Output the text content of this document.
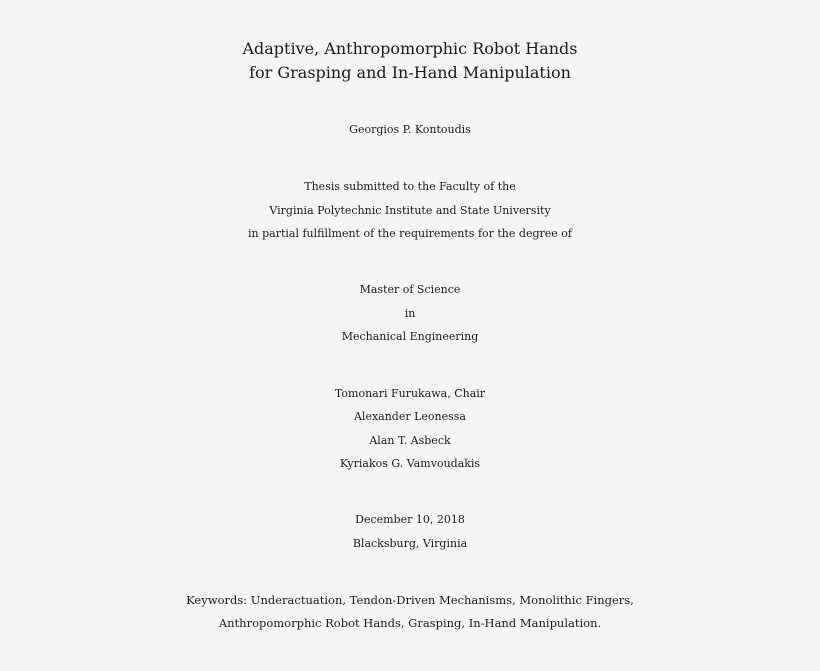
Adaptive, Anthropomorphic Robot Hands
for Grasping and In-Hand Manipulation
Georgios P. Kontoudis
Thesis submitted to the Faculty of the
Virginia Polytechnic Institute and State University
in partial fulfillment of the requirements for the degree of
Master of Science
in
Mechanical Engineering
Tomonari Furukawa, Chair
Alexander Leonessa
Alan T. Asbeck
Kyriakos G. Vamvoudakis
December 10, 2018
Blacksburg, Virginia
Keywords: Underactuation, Tendon-Driven Mechanisms, Monolithic Fingers,
Anthropomorphic Robot Hands, Grasping, In-Hand Manipulation.
